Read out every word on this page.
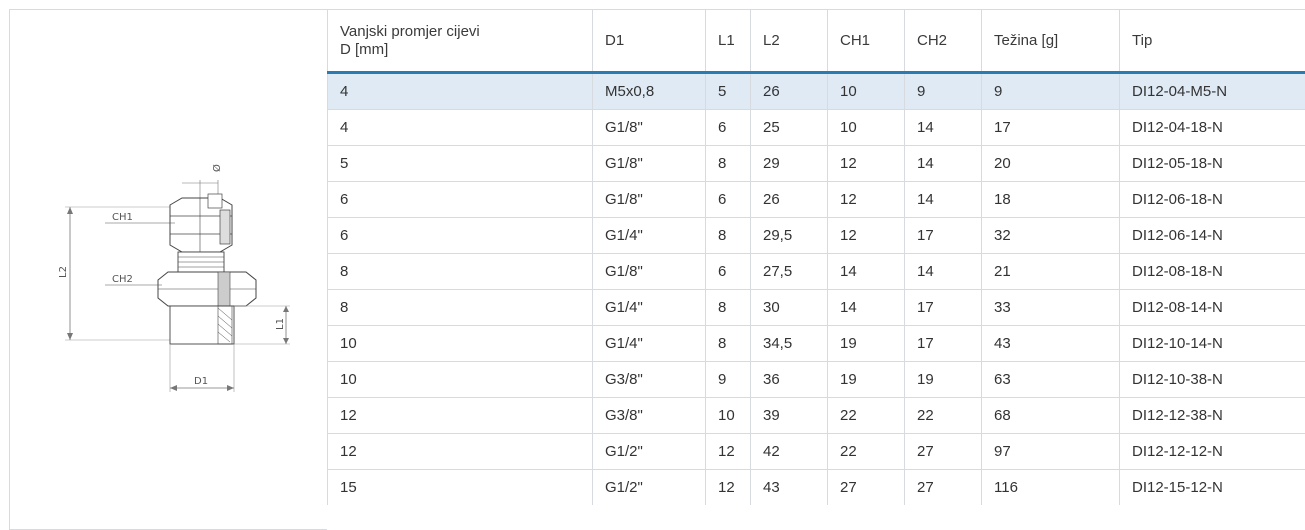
L2
Ø
CH1
CH2
L1
D1
Vanjski promjer cijevi
D [mm]	D1	L1	L2	CH1	CH2	Težina [g]	Tip
4	M5x0,8	5	26	10	9	9	DI12-04-M5-N
4	G1/8"	6	25	10	14	17	DI12-04-18-N
5	G1/8"	8	29	12	14	20	DI12-05-18-N
6	G1/8"	6	26	12	14	18	DI12-06-18-N
6	G1/4"	8	29,5	12	17	32	DI12-06-14-N
8	G1/8"	6	27,5	14	14	21	DI12-08-18-N
8	G1/4"	8	30	14	17	33	DI12-08-14-N
10	G1/4"	8	34,5	19	17	43	DI12-10-14-N
10	G3/8"	9	36	19	19	63	DI12-10-38-N
12	G3/8"	10	39	22	22	68	DI12-12-38-N
12	G1/2"	12	42	22	27	97	DI12-12-12-N
15	G1/2"	12	43	27	27	116	DI12-15-12-N
